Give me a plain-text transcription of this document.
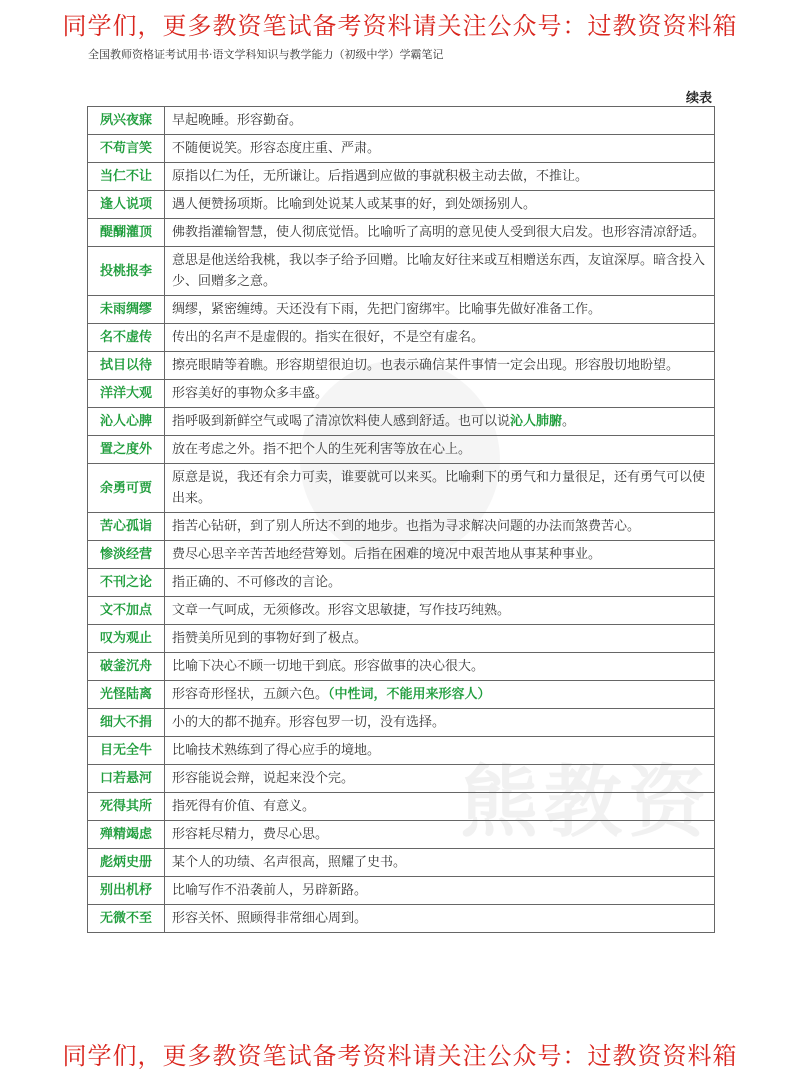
同学们，更多教资笔试备考资料请关注公众号：过教资资料箱
全国教师资格证考试用书·语文学科知识与教学能力（初级中学）学霸笔记
续表
熊教资
夙兴夜寐	早起晚睡。形容勤奋。
不苟言笑	不随便说笑。形容态度庄重、严肃。
当仁不让	原指以仁为任，无所谦让。后指遇到应做的事就积极主动去做，不推让。
逢人说项	遇人便赞扬项斯。比喻到处说某人或某事的好，到处颂扬别人。
醍醐灌顶	佛教指灌输智慧，使人彻底觉悟。比喻听了高明的意见使人受到很大启发。也形容清凉舒适。
投桃报李	意思是他送给我桃，我以李子给予回赠。比喻友好往来或互相赠送东西，友谊深厚。暗含投入少、回赠多之意。
未雨绸缪	绸缪，紧密缠缚。天还没有下雨，先把门窗绑牢。比喻事先做好准备工作。
名不虚传	传出的名声不是虚假的。指实在很好，不是空有虚名。
拭目以待	擦亮眼睛等着瞧。形容期望很迫切。也表示确信某件事情一定会出现。形容殷切地盼望。
洋洋大观	形容美好的事物众多丰盛。
沁人心脾	指呼吸到新鲜空气或喝了清凉饮料使人感到舒适。也可以说沁人肺腑。
置之度外	放在考虑之外。指不把个人的生死利害等放在心上。
余勇可贾	原意是说，我还有余力可卖，谁要就可以来买。比喻剩下的勇气和力量很足，还有勇气可以使出来。
苦心孤诣	指苦心钻研，到了别人所达不到的地步。也指为寻求解决问题的办法而煞费苦心。
惨淡经营	费尽心思辛辛苦苦地经营筹划。后指在困难的境况中艰苦地从事某种事业。
不刊之论	指正确的、不可修改的言论。
文不加点	文章一气呵成，无须修改。形容文思敏捷，写作技巧纯熟。
叹为观止	指赞美所见到的事物好到了极点。
破釜沉舟	比喻下决心不顾一切地干到底。形容做事的决心很大。
光怪陆离	形容奇形怪状，五颜六色。（中性词，不能用来形容人）
细大不捐	小的大的都不抛弃。形容包罗一切，没有选择。
目无全牛	比喻技术熟练到了得心应手的境地。
口若悬河	形容能说会辩，说起来没个完。
死得其所	指死得有价值、有意义。
殚精竭虑	形容耗尽精力，费尽心思。
彪炳史册	某个人的功绩、名声很高，照耀了史书。
别出机杼	比喻写作不沿袭前人，另辟新路。
无微不至	形容关怀、照顾得非常细心周到。
同学们，更多教资笔试备考资料请关注公众号：过教资资料箱
